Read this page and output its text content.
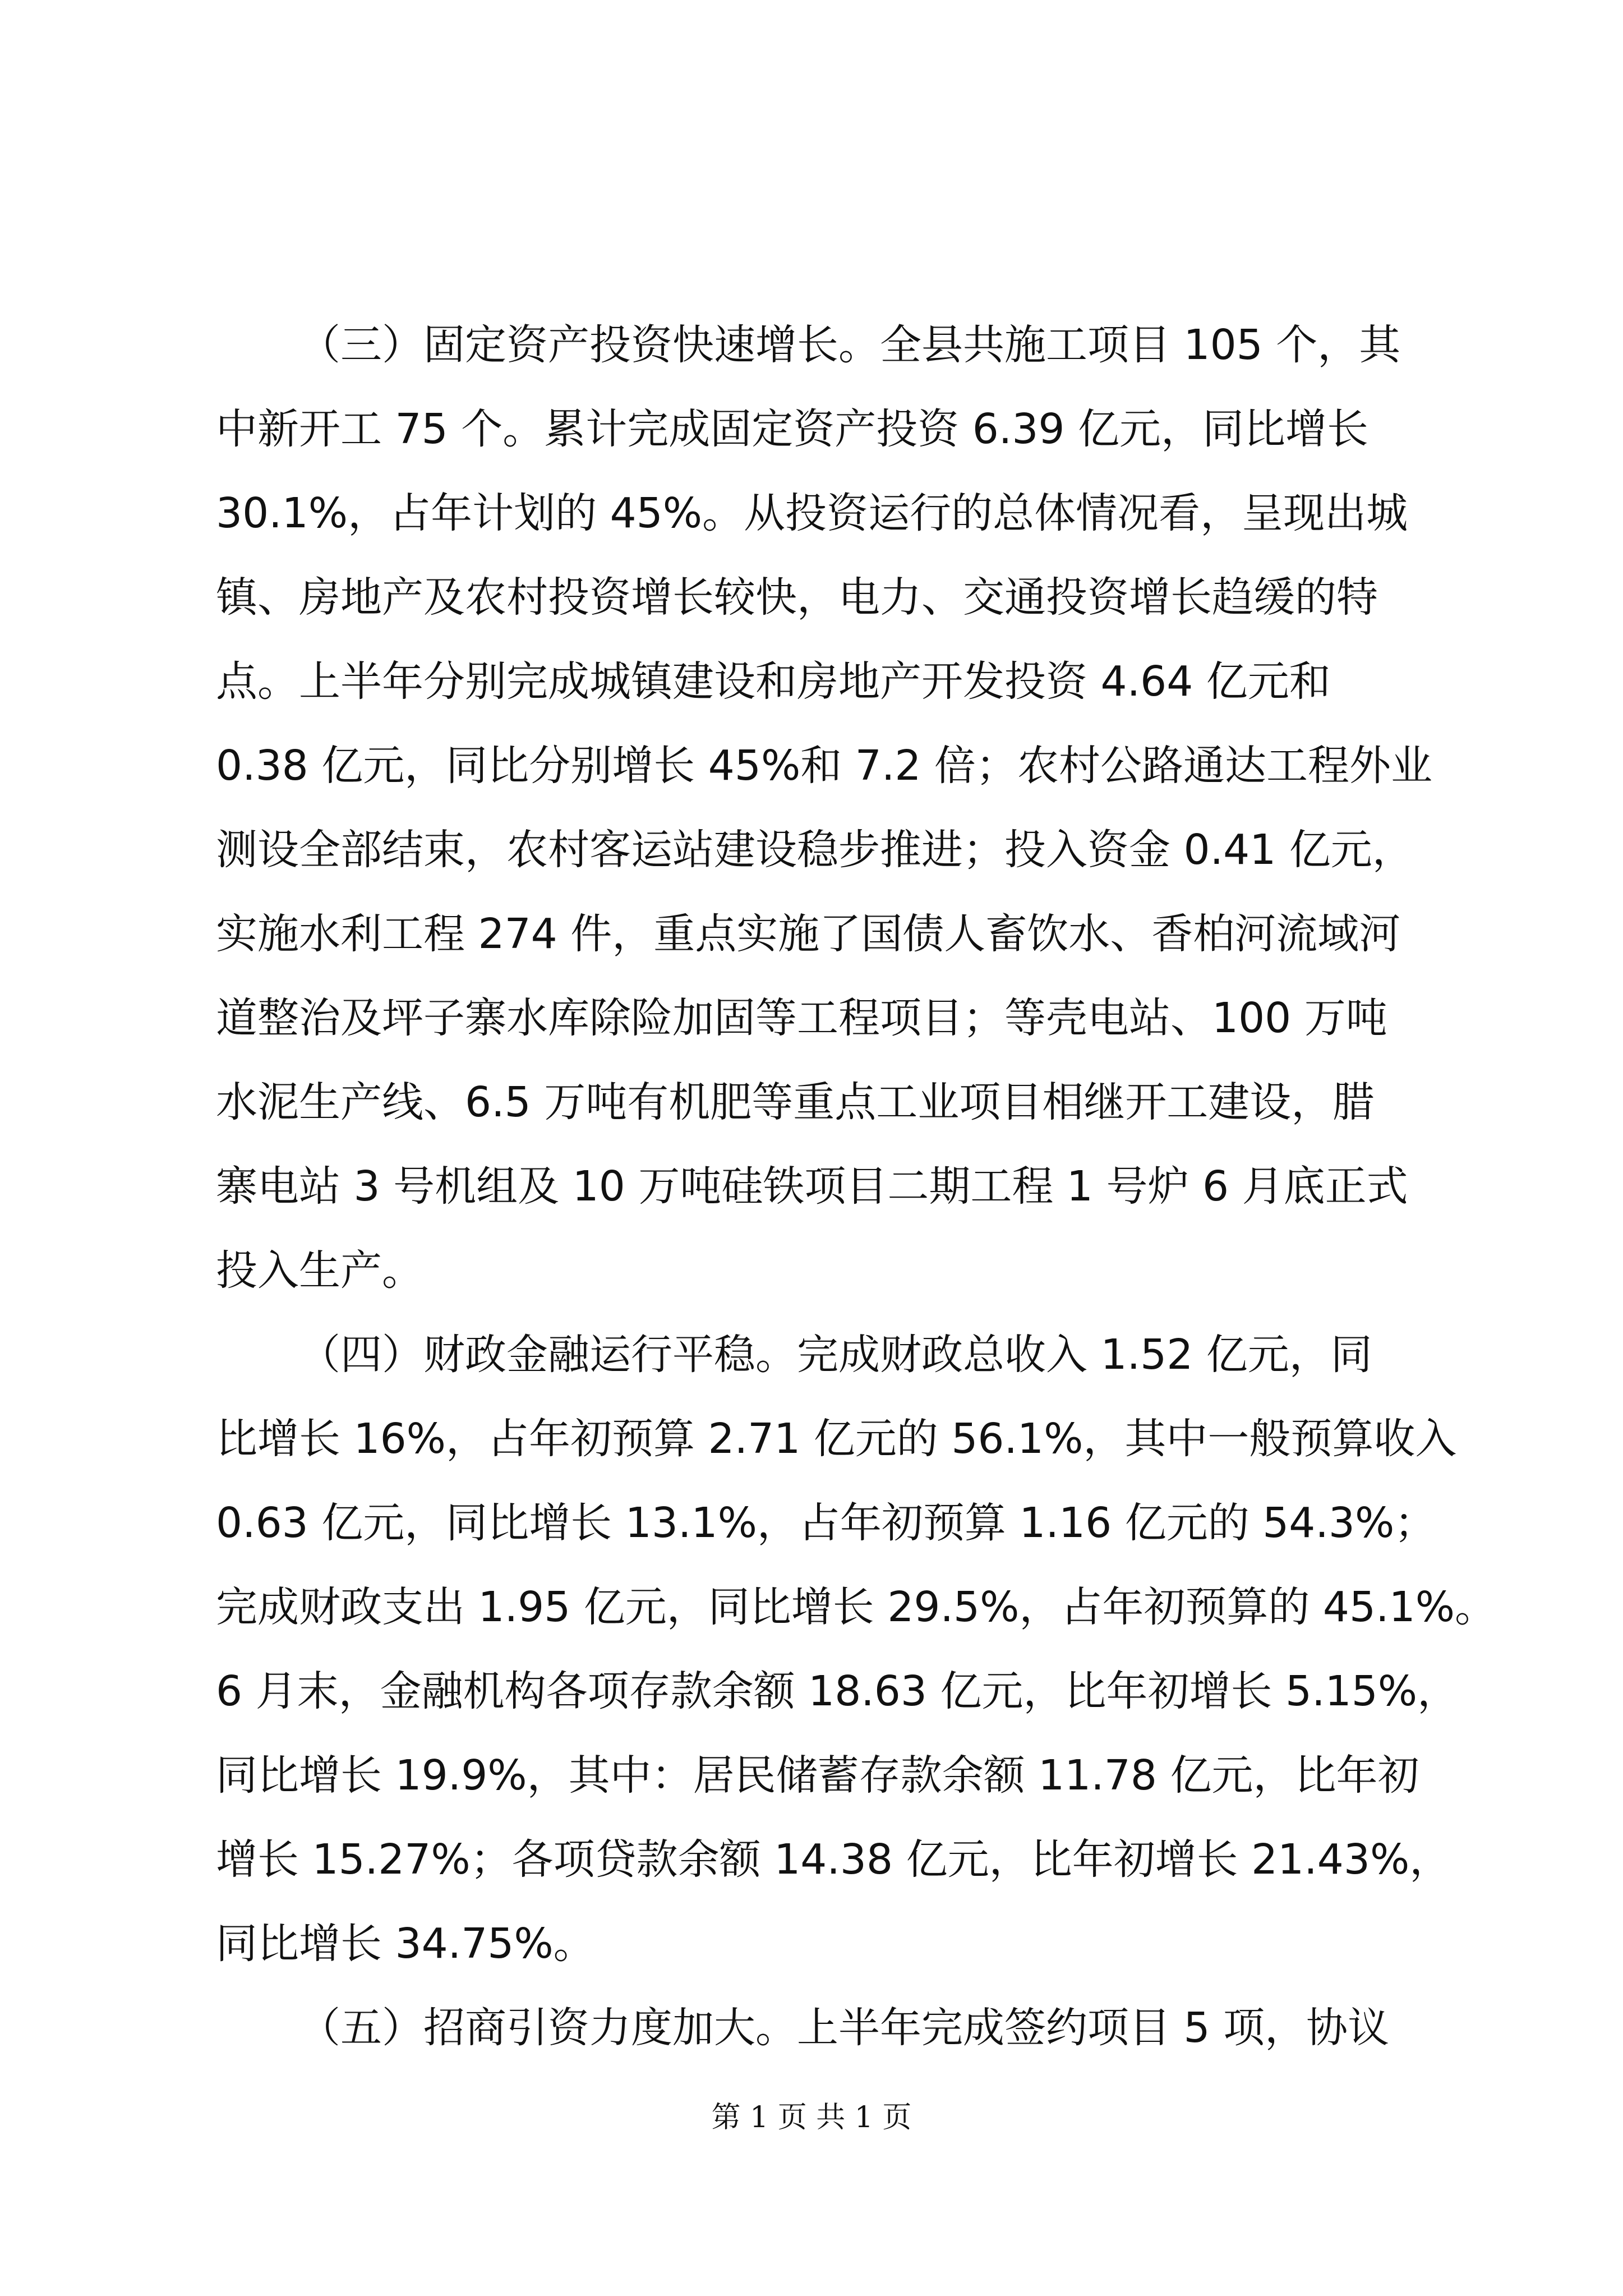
（三）固定资产投资快速增长。全县共施工项目 105 个，其
中新开工 75 个。累计完成固定资产投资 6.39 亿元，同比增长
30.1%，占年计划的 45%。从投资运行的总体情况看，呈现出城
镇、房地产及农村投资增长较快，电力、交通投资增长趋缓的特
点。上半年分别完成城镇建设和房地产开发投资 4.64 亿元和
0.38 亿元，同比分别增长 45%和 7.2 倍；农村公路通达工程外业
测设全部结束，农村客运站建设稳步推进；投入资金 0.41 亿元，
实施水利工程 274 件，重点实施了国债人畜饮水、香柏河流域河
道整治及坪子寨水库除险加固等工程项目；等壳电站、100 万吨
水泥生产线、6.5 万吨有机肥等重点工业项目相继开工建设，腊
寨电站 3 号机组及 10 万吨硅铁项目二期工程 1 号炉 6 月底正式
投入生产。
（四）财政金融运行平稳。完成财政总收入 1.52 亿元，同
比增长 16%，占年初预算 2.71 亿元的 56.1%，其中一般预算收入
0.63 亿元，同比增长 13.1%，占年初预算 1.16 亿元的 54.3%；
完成财政支出 1.95 亿元，同比增长 29.5%，占年初预算的 45.1%。
6 月末，金融机构各项存款余额 18.63 亿元，比年初增长 5.15%，
同比增长 19.9%，其中：居民储蓄存款余额 11.78 亿元，比年初
增长 15.27%；各项贷款余额 14.38 亿元，比年初增长 21.43%，
同比增长 34.75%。
（五）招商引资力度加大。上半年完成签约项目 5 项，协议
第 1 页 共 1 页
